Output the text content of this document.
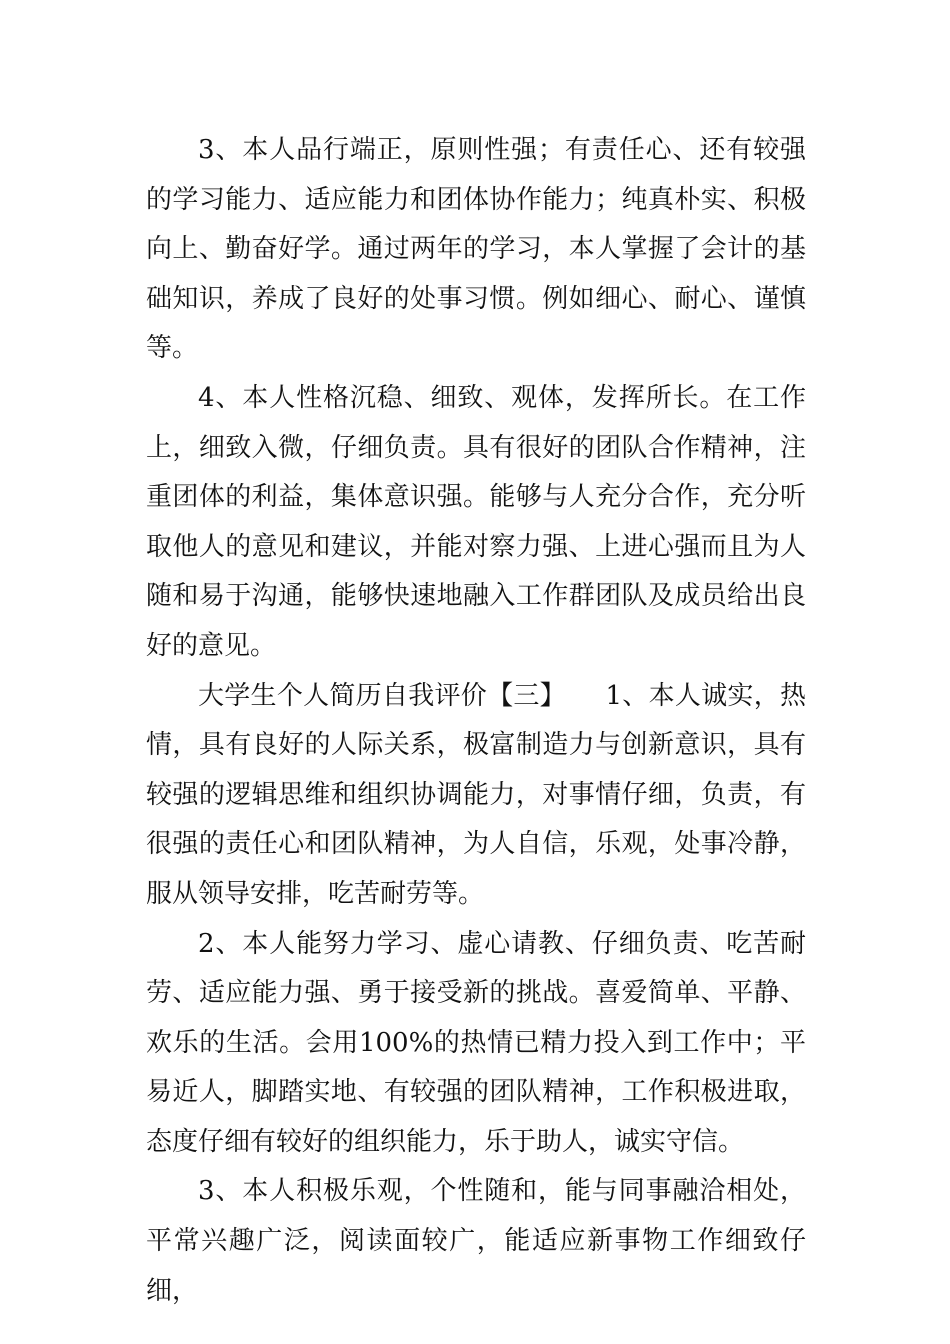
3、本人品行端正，原则性强；有责任心、还有较强的学习能力、适应能力和团体协作能力；纯真朴实、积极向上、勤奋好学。通过两年的学习，本人掌握了会计的基础知识，养成了良好的处事习惯。例如细心、耐心、谨慎等。

4、本人性格沉稳、细致、观体，发挥所长。在工作上，细致入微，仔细负责。具有很好的团队合作精神，注重团体的利益，集体意识强。能够与人充分合作，充分听取他人的意见和建议，并能对察力强、上进心强而且为人随和易于沟通，能够快速地融入工作群团队及成员给出良好的意见。

大学生个人简历自我评价【三】　　1、本人诚实，热情，具有良好的人际关系，极富制造力与创新意识，具有较强的逻辑思维和组织协调能力，对事情仔细，负责，有很强的责任心和团队精神，为人自信，乐观，处事冷静，服从领导安排，吃苦耐劳等。

2、本人能努力学习、虚心请教、仔细负责、吃苦耐劳、适应能力强、勇于接受新的挑战。喜爱简单、平静、欢乐的生活。会用100%的热情已精力投入到工作中；平易近人，脚踏实地、有较强的团队精神，工作积极进取，态度仔细有较好的组织能力，乐于助人，诚实守信。

3、本人积极乐观，个性随和，能与同事融洽相处，平常兴趣广泛，阅读面较广，能适应新事物工作细致仔细，
